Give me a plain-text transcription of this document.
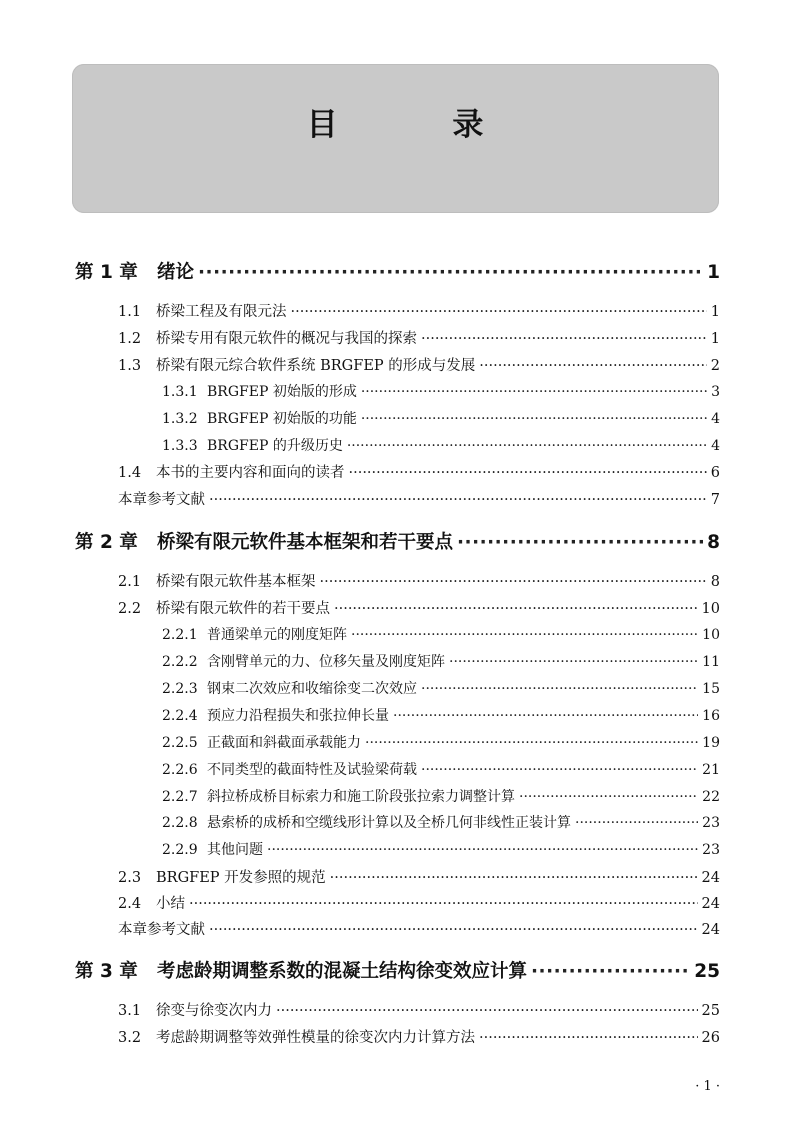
目 录
第 1 章	绪论 ·····	1
1.1	桥梁工程及有限元法 ·····	1
1.2	桥梁专用有限元软件的概况与我国的探索 ·····	1
1.3	桥梁有限元综合软件系统 BRGFEP 的形成与发展 ·····	2
1.3.1 BRGFEP 初始版的形成 ·····	3
1.3.2 BRGFEP 初始版的功能 ·····	4
1.3.3 BRGFEP 的升级历史 ·····	4
1.4	本书的主要内容和面向的读者 ·····	6
本章参考文献 ·····	7
第 2 章	桥梁有限元软件基本框架和若干要点 ·····	8
2.1	桥梁有限元软件基本框架 ·····	8
2.2	桥梁有限元软件的若干要点 ·····	10
2.2.1 普通梁单元的刚度矩阵 ·····	10
2.2.2 含刚臂单元的力、位移矢量及刚度矩阵 ·····	11
2.2.3 钢束二次效应和收缩徐变二次效应 ·····	15
2.2.4 预应力沿程损失和张拉伸长量 ·····	16
2.2.5 正截面和斜截面承载能力 ·····	19
2.2.6 不同类型的截面特性及试验梁荷载 ·····	21
2.2.7 斜拉桥成桥目标索力和施工阶段张拉索力调整计算 ·····	22
2.2.8 悬索桥的成桥和空缆线形计算以及全桥几何非线性正装计算 ·····	23
2.2.9 其他问题 ·····	23
2.3	BRGFEP 开发参照的规范 ·····	24
2.4	小结 ·····	24
本章参考文献 ·····	24
第 3 章	考虑龄期调整系数的混凝土结构徐变效应计算 ·····	25
3.1	徐变与徐变次内力 ·····	25
3.2	考虑龄期调整等效弹性模量的徐变次内力计算方法 ·····	26
· 1 ·
